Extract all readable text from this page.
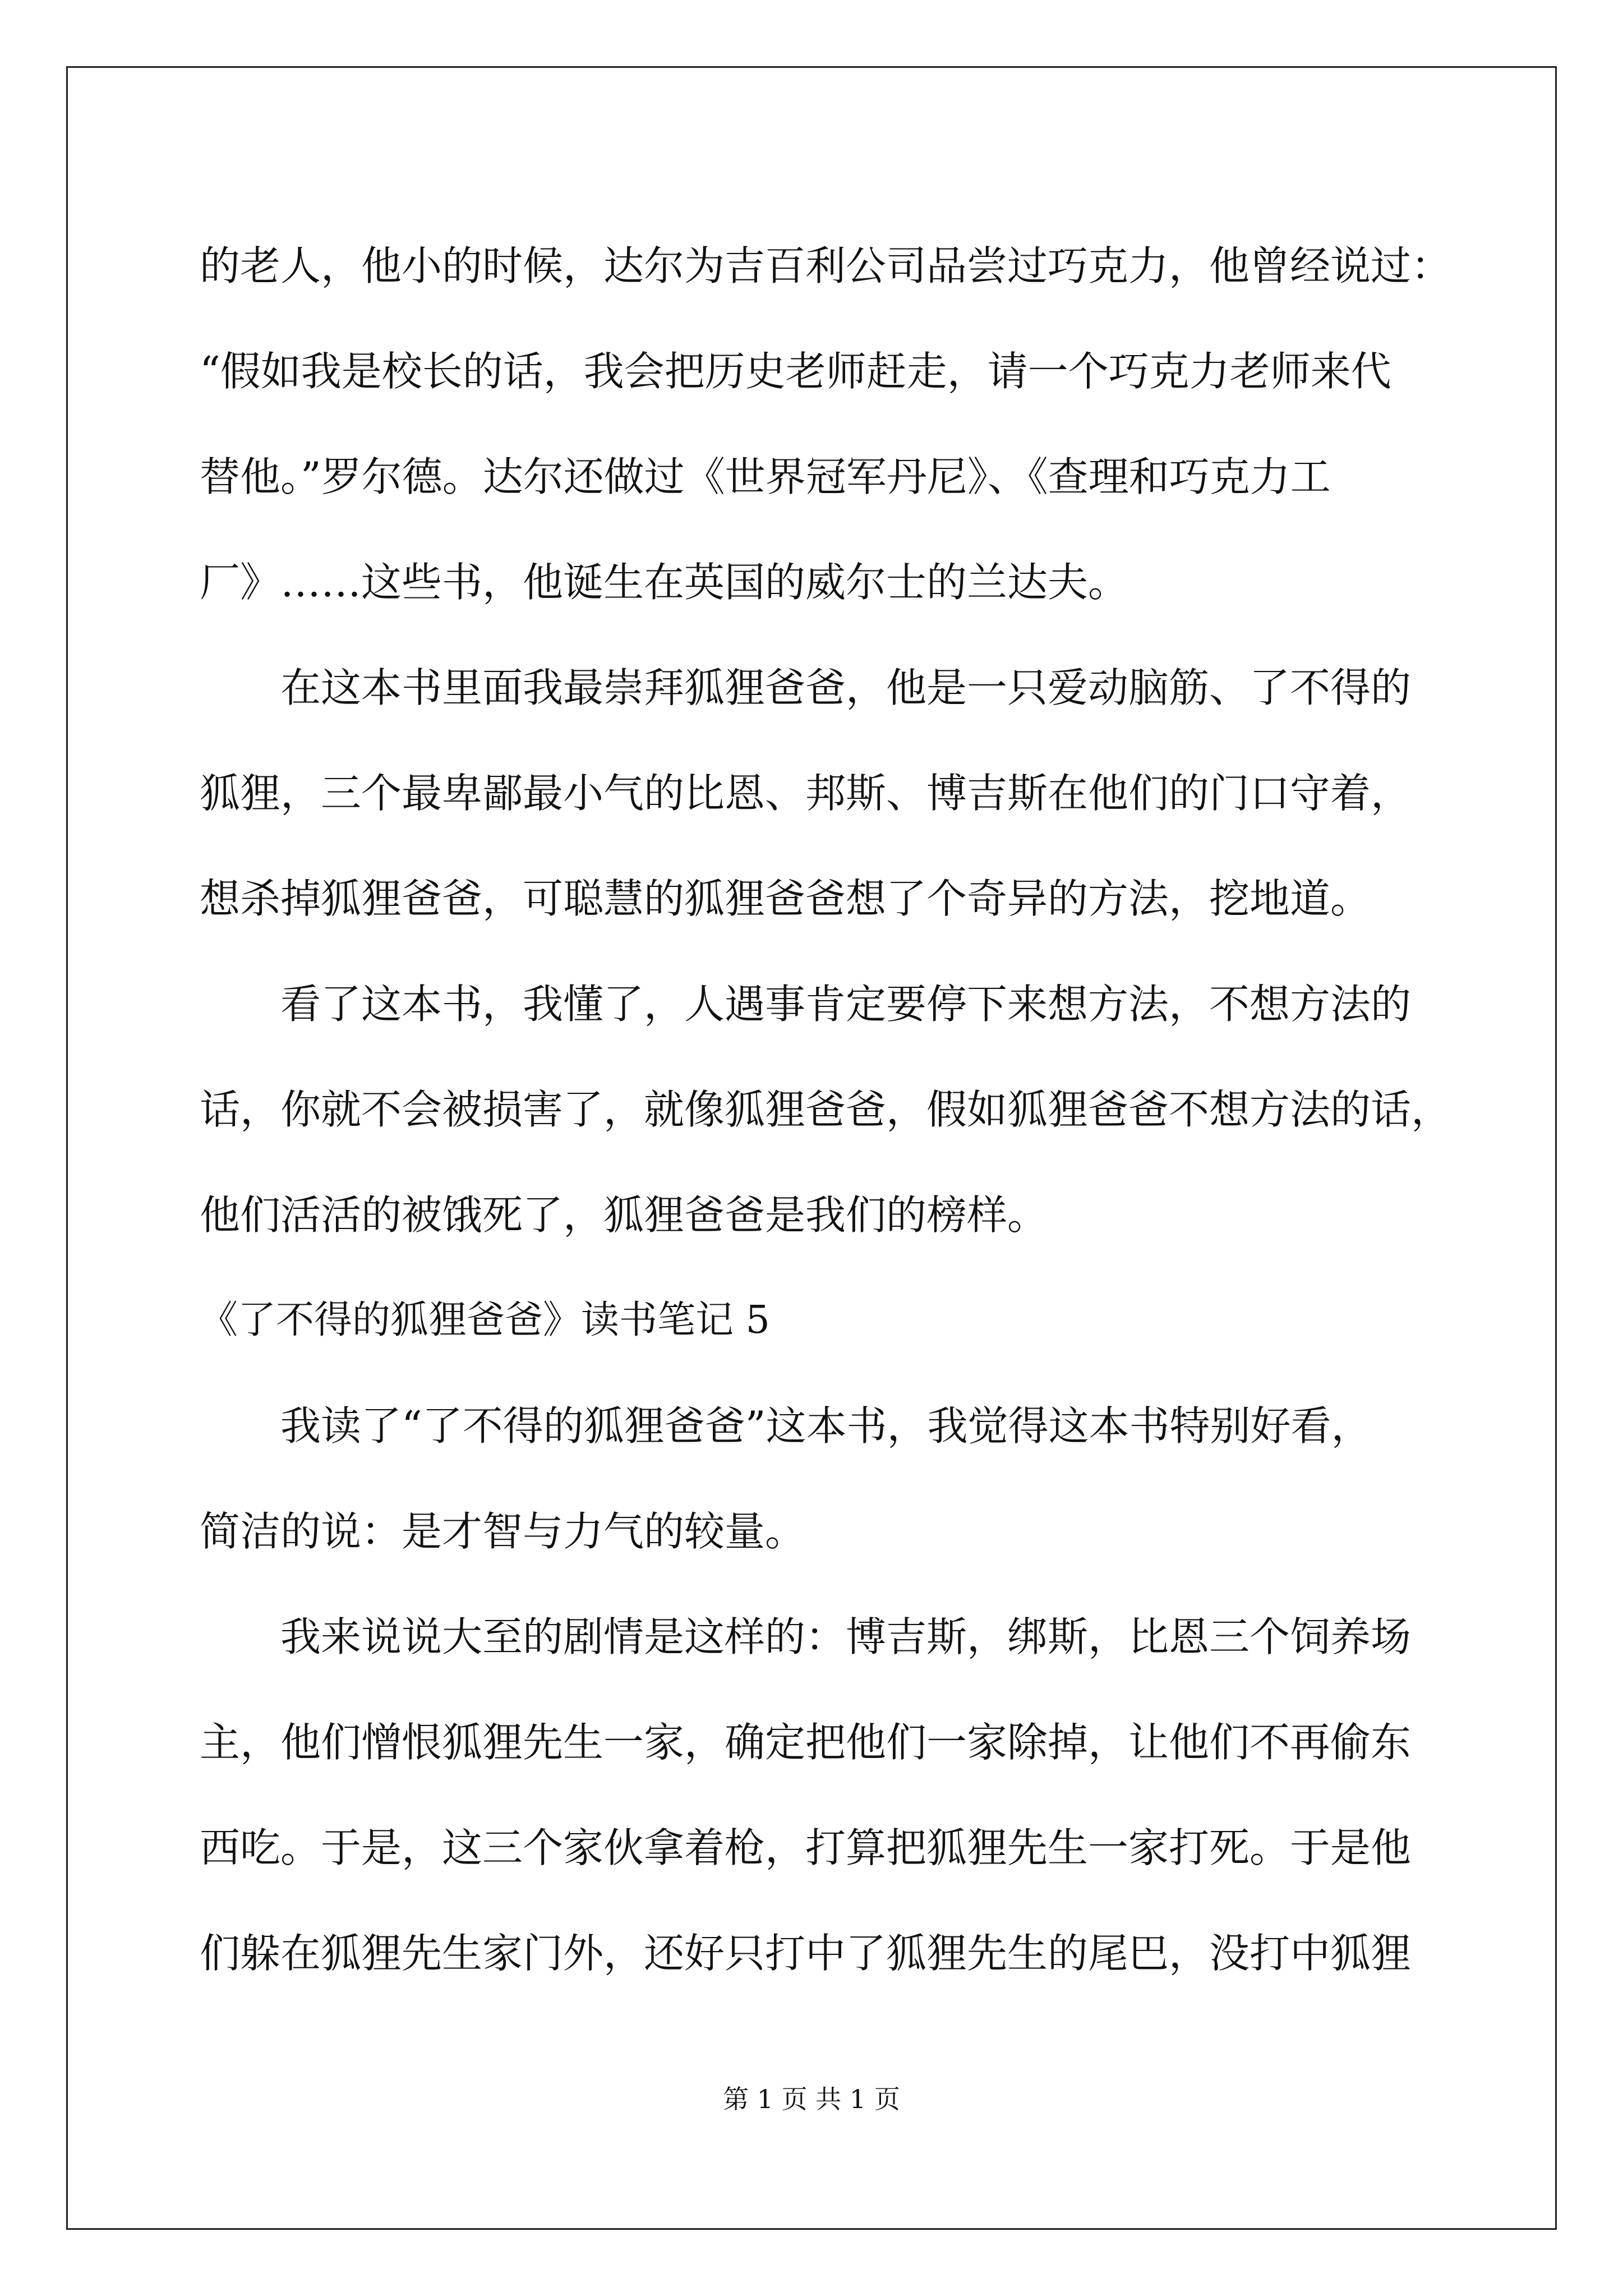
的老人，他小的时候，达尔为吉百利公司品尝过巧克力，他曾经说过：
“假如我是校长的话，我会把历史老师赶走，请一个巧克力老师来代
替他。”罗尔德。达尔还做过《世界冠军丹尼》、《查理和巧克力工
厂》……这些书，他诞生在英国的威尔士的兰达夫。
在这本书里面我最崇拜狐狸爸爸，他是一只爱动脑筋、了不得的
狐狸，三个最卑鄙最小气的比恩、邦斯、博吉斯在他们的门口守着，
想杀掉狐狸爸爸，可聪慧的狐狸爸爸想了个奇异的方法，挖地道。
看了这本书，我懂了，人遇事肯定要停下来想方法，不想方法的
话，你就不会被损害了，就像狐狸爸爸，假如狐狸爸爸不想方法的话，
他们活活的被饿死了，狐狸爸爸是我们的榜样。
《了不得的狐狸爸爸》读书笔记 5
我读了“了不得的狐狸爸爸”这本书，我觉得这本书特别好看，
简洁的说：是才智与力气的较量。
我来说说大至的剧情是这样的：博吉斯，绑斯，比恩三个饲养场
主，他们憎恨狐狸先生一家，确定把他们一家除掉，让他们不再偷东
西吃。于是，这三个家伙拿着枪，打算把狐狸先生一家打死。于是他
们躲在狐狸先生家门外，还好只打中了狐狸先生的尾巴，没打中狐狸
第 1 页 共 1 页
